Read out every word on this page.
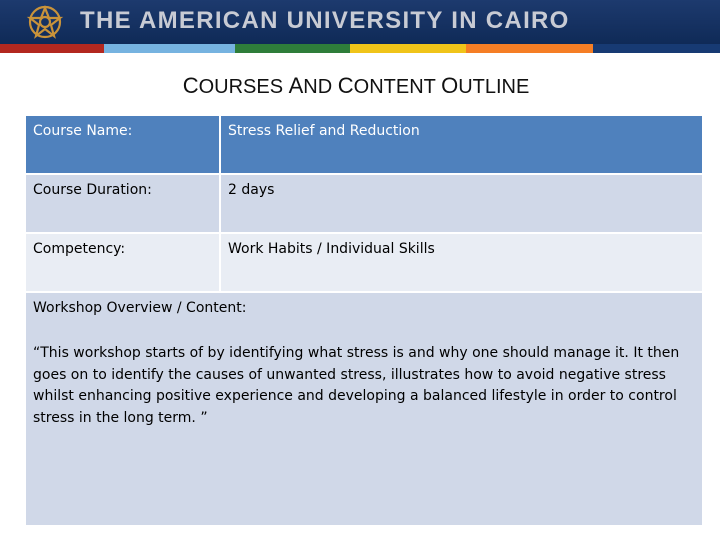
THE AMERICAN UNIVERSITY IN CAIRO
COURSES AND CONTENT OUTLINE
Course Name:	Stress Relief and Reduction
Course Duration:	2 days
Competency:	Work Habits / Individual Skills

Workshop Overview / Content:

“This workshop starts of by identifying what stress is and why one should manage it. It then goes on to identify the causes of unwanted stress, illustrates how to avoid negative stress whilst enhancing positive experience and developing a balanced lifestyle in order to control stress in the long term. ”	
